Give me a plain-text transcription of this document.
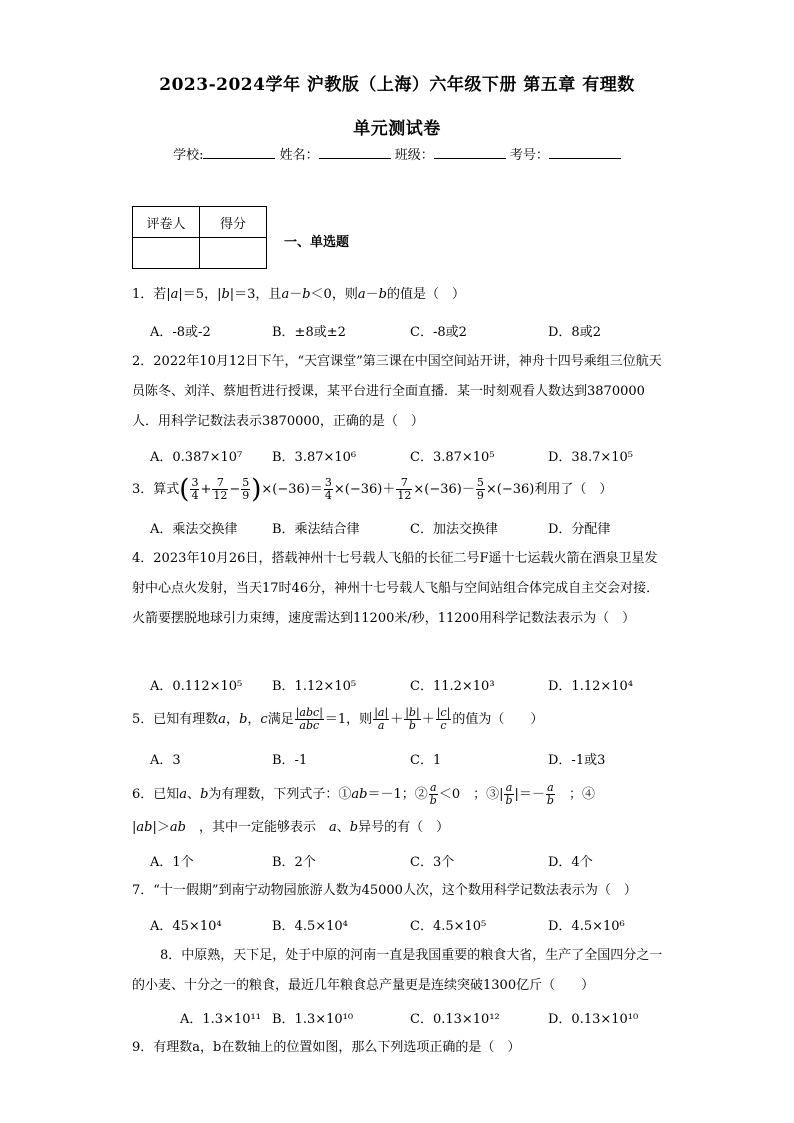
2023-2024学年 沪教版（上海）六年级下册 第五章 有理数
单元测试卷
学校:	姓名：	班级：	考号：
评卷人	得分

一、单选题
1．若|a|＝5，|b|＝3，且a－b＜0，则a－b的值是（　）
A．-8或-2	B．±8或±2	C．-8或2	D．8或2
2．2022年10月12日下午，“天宫课堂”第三课在中国空间站开讲，神舟十四号乘组三位航天员陈冬、刘洋、蔡旭哲进行授课，某平台进行全面直播．某一时刻观看人数达到3870000人．用科学记数法表示3870000，正确的是（　）
A．0.387×10⁷ B．3.87×10⁶	C．3.87×10⁵	D．38.7×10⁵
3．算式( $\frac{3}{4} + \frac{7}{12} - \frac{5}{9} )\times(-36)= \frac{3}{4} \times(-36)+ \frac{7}{12} \times(-36)- \frac{5}{9} \times(-36)$利用了（　）
A．乘法交换律	B．乘法结合律	C．加法交换律	D．分配律
4．2023年10月26日，搭载神州十七号载人飞船的长征二号F遥十七运载火箭在酒泉卫星发射中心点火发射，当天17时46分，神州十七号载人飞船与空间站组合体完成自主交会对接．火箭要摆脱地球引力束缚，速度需达到11200米/秒，11200用科学记数法表示为（　）
A．0.112×10⁵ B．1.12×10⁵	C．11.2×10³	D．1.12×10⁴
5．已知有理数a，b，c满足 $\frac{\text{|abc|}}{\text{abc}} =1$，则 $\frac{|a|}{a} + \frac{|b|}{b} + \frac{|c|}{c}$ 的值为（　　）
A．3	B．-1	C．1	D．-1或3
6．已知a、b为有理数，下列式子：①ab＝－1；② $\frac{a}{b} <0$　；③| $\frac{a}{b}$ |＝－ $\frac{a}{b}$ 　；④
|ab|＞ab　，其中一定能够表示　a、b异号的有（　）
A．1个	B．2个	C．3个	D．4个
7．“十一假期”到南宁动物园旅游人数为45000人次，这个数用科学记数法表示为（　）
A．45×10⁴	B．4.5×10⁴	C．4.5×10⁵	D．4.5×10⁶
8．中原熟，天下足，处于中原的河南一直是我国重要的粮食大省，生产了全国四分之一的小麦、十分之一的粮食，最近几年粮食总产量更是连续突破1300亿斤（　　）
A．1.3×10¹¹ B．1.3×10¹⁰	C．0.13×10¹²	D．0.13×10¹⁰
9．有理数a，b在数轴上的位置如图，那么下列选项正确的是（　）
